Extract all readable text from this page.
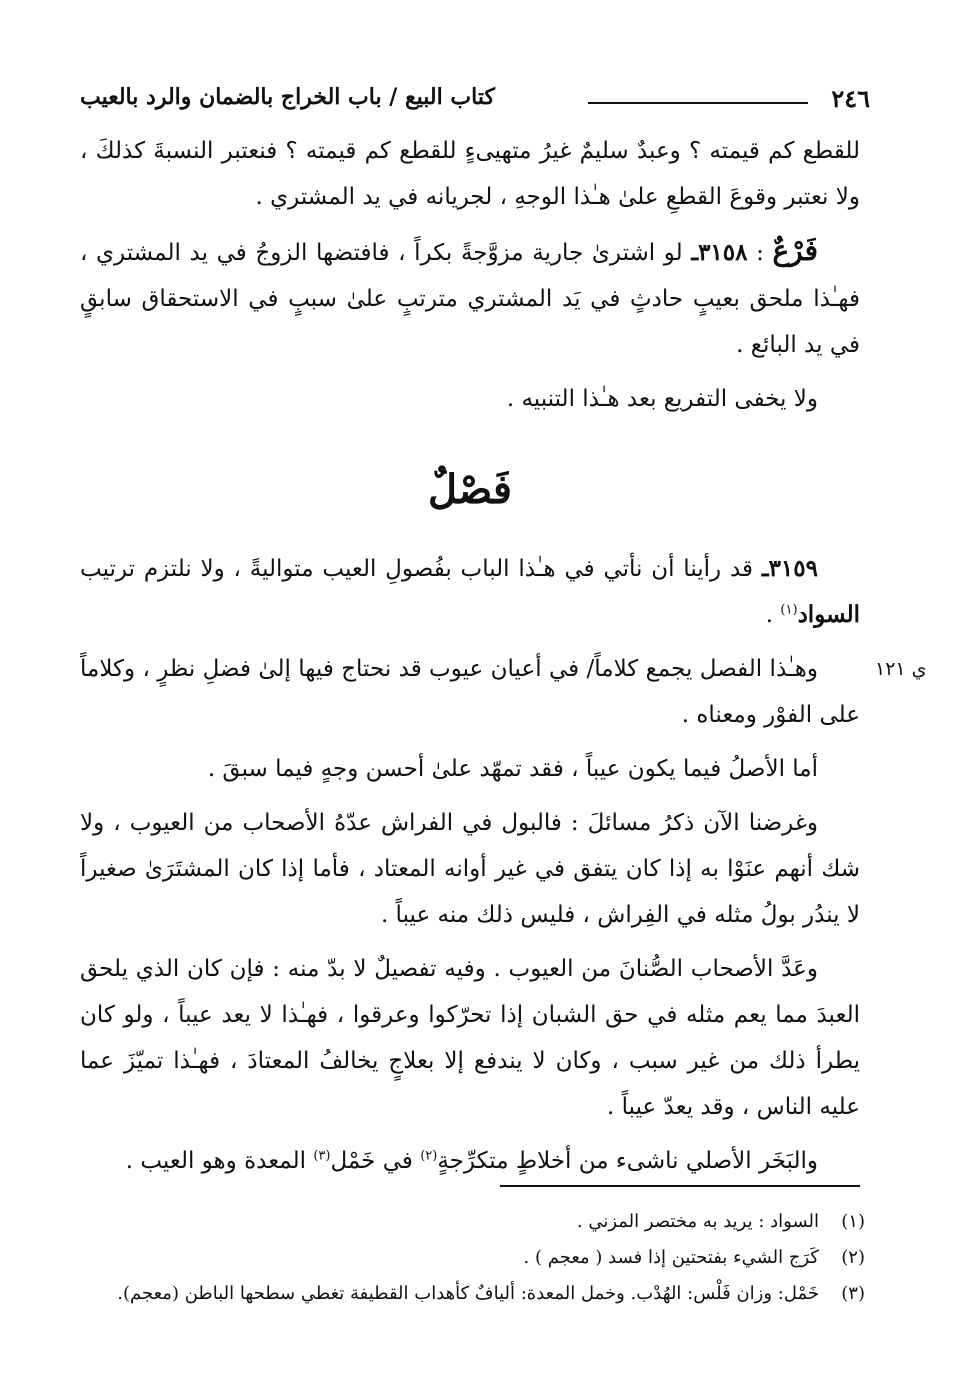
٢٤٦
كتاب البيع / باب الخراج بالضمان والرد بالعيب
ي ١٢١

للقطع كم قيمته ؟ وعبدٌ سليمٌ غيرُ متهيىءٍ للقطع كم قيمته ؟ فنعتبر النسبةَ كذلكَ ، ولا نعتبر وقوعَ القطعِ علىٰ هـٰذا الوجهِ ، لجريانه في يد المشتري .

فَرْعٌ : ٣١٥٨ـ لو اشترىٰ جارية مزوَّجةً بكراً ، فافتضها الزوجُ في يد المشتري ، فهـٰذا ملحق بعيبٍ حادثٍ في يَد المشتري مترتبٍ علىٰ سببٍ في الاستحقاق سابقٍ في يد البائع .

ولا يخفى التفريع بعد هـٰذا التنبيه .

فَصْلٌ

٣١٥٩ـ قد رأينا أن نأتي في هـٰذا الباب بفُصولِ العيب متواليةً ، ولا نلتزم ترتيب السواد$^{(١)}$ .

وهـٰذا الفصل يجمع كلاماً/ في أعيان عيوب قد نحتاج فيها إلىٰ فضلِ نظرٍ ، وكلاماً على الفوْر ومعناه .

أما الأصلُ فيما يكون عيباً ، فقد تمهّد علىٰ أحسن وجهٍ فيما سبقَ .

وغرضنا الآن ذكرُ مسائلَ : فالبول في الفراش عدّهُ الأصحاب من العيوب ، ولا شك أنهم عنَوْا به إذا كان يتفق في غير أوانه المعتاد ، فأما إذا كان المشتَرَىٰ صغيراً لا يندُر بولُ مثله في الفِراش ، فليس ذلك منه عيباً .

وعَدَّ الأصحاب الصُّنانَ من العيوب . وفيه تفصيلٌ لا بدّ منه : فإن كان الذي يلحق العبدَ مما يعم مثله في حق الشبان إذا تحرّكوا وعرقوا ، فهـٰذا لا يعد عيباً ، ولو كان يطرأ ذلك من غير سبب ، وكان لا يندفع إلا بعلاجٍ يخالفُ المعتادَ ، فهـٰذا تميّزَ عما عليه الناس ، وقد يعدّ عيباً .

والبَخَر الأصلي ناشىء من أخلاطٍ متكرِّجةٍ$^{(٢)}$ في خَمْل$^{(٣)}$ المعدة وهو العيب .

(١)السواد : يريد به مختصر المزني .
(٢)كَرَج الشيء بفتحتين إذا فسد ( معجم ) .
(٣)خَمْل: وزان فَلْس: الهُدْب. وخمل المعدة: أليافٌ كأهداب القطيفة تغطي سطحها الباطن (معجم).
